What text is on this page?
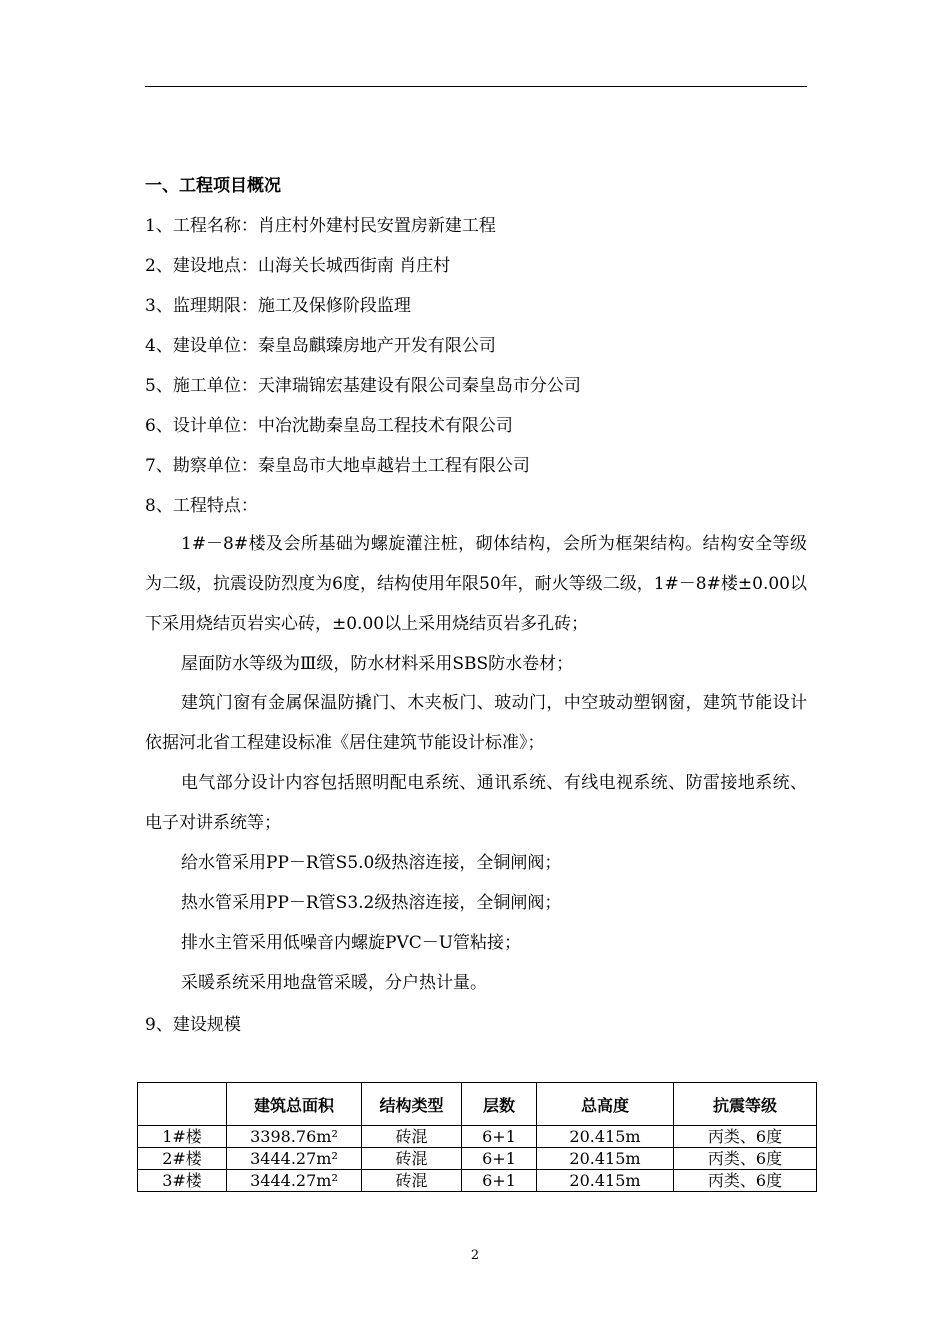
一、工程项目概况
1、工程名称：肖庄村外建村民安置房新建工程
2、建设地点：山海关长城西街南 肖庄村
3、监理期限：施工及保修阶段监理
4、建设单位：秦皇岛麒臻房地产开发有限公司
5、施工单位：天津瑞锦宏基建设有限公司秦皇岛市分公司
6、设计单位：中冶沈勘秦皇岛工程技术有限公司
7、勘察单位：秦皇岛市大地卓越岩土工程有限公司
8、工程特点：
1#－8#楼及会所基础为螺旋灌注桩，砌体结构，会所为框架结构。结构安全等级为二级，抗震设防烈度为6度，结构使用年限50年，耐火等级二级，1#－8#楼±0.00以下采用烧结页岩实心砖，±0.00以上采用烧结页岩多孔砖；
屋面防水等级为Ⅲ级，防水材料采用SBS防水卷材；
建筑门窗有金属保温防撬门、木夹板门、玻动门，中空玻动塑钢窗，建筑节能设计依据河北省工程建设标准《居住建筑节能设计标准》；
电气部分设计内容包括照明配电系统、通讯系统、有线电视系统、防雷接地系统、电子对讲系统等；
给水管采用PP－R管S5.0级热溶连接，全铜闸阀；
热水管采用PP－R管S3.2级热溶连接，全铜闸阀；
排水主管采用低噪音内螺旋PVC－U管粘接；
采暖系统采用地盘管采暖，分户热计量。
9、建设规模
	建筑总面积	结构类型	层数	总高度	抗震等级
1#楼	3398.76m²	砖混	6+1	20.415m	丙类、6度
2#楼	3444.27m²	砖混	6+1	20.415m	丙类、6度
3#楼	3444.27m²	砖混	6+1	20.415m	丙类、6度
2
